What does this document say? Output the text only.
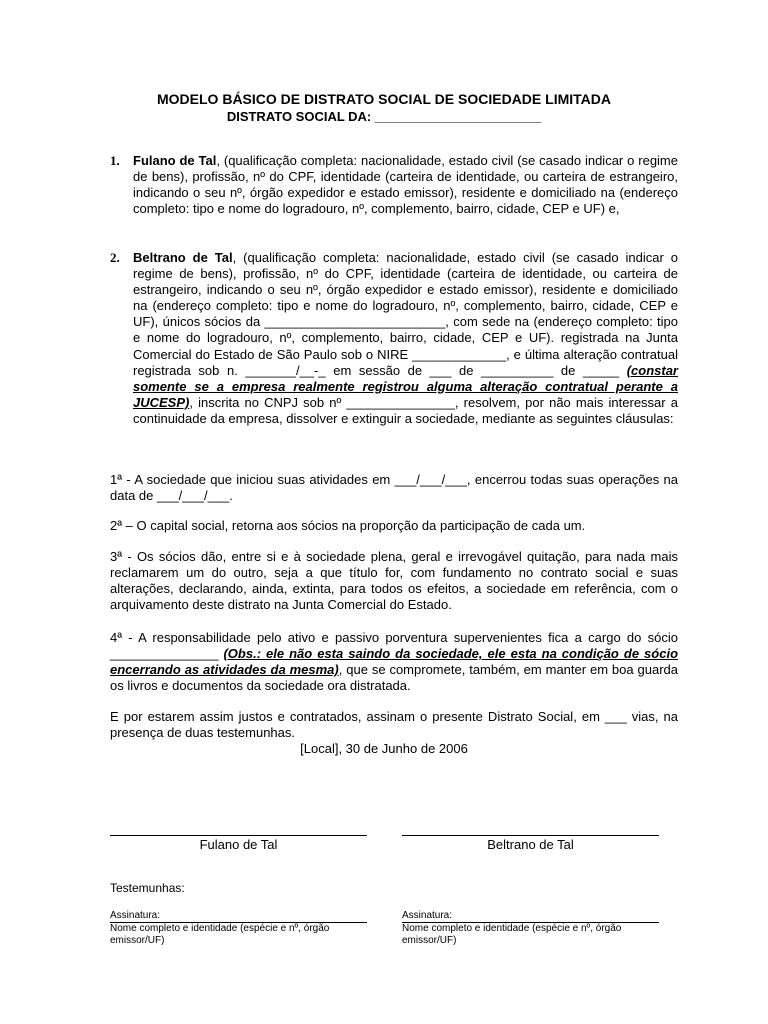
MODELO BÁSICO DE DISTRATO SOCIAL DE SOCIEDADE LIMITADA
DISTRATO SOCIAL DA: _______________________
1. Fulano de Tal, (qualificação completa: nacionalidade, estado civil (se casado indicar o regime de bens), profissão, nº do CPF, identidade (carteira de identidade, ou carteira de estrangeiro, indicando o seu nº, órgão expedidor e estado emissor), residente e domiciliado na (endereço completo: tipo e nome do logradouro, nº, complemento, bairro, cidade, CEP e UF) e,
2. Beltrano de Tal, (qualificação completa: nacionalidade, estado civil (se casado indicar o regime de bens), profissão, nº do CPF, identidade (carteira de identidade, ou carteira de estrangeiro, indicando o seu nº, órgão expedidor e estado emissor), residente e domiciliado na (endereço completo: tipo e nome do logradouro, nº, complemento, bairro, cidade, CEP e UF), únicos sócios da _________________________, com sede na (endereço completo: tipo e nome do logradouro, nº, complemento, bairro, cidade, CEP e UF). registrada na Junta Comercial do Estado de São Paulo sob o NIRE _____________, e última alteração contratual registrada sob n. _______/__-_ em sessão de ___ de __________ de _____ (constar somente se a empresa realmente registrou alguma alteração contratual perante a JUCESP), inscrita no CNPJ sob nº _______________, resolvem, por não mais interessar a continuidade da empresa, dissolver e extinguir a sociedade, mediante as seguintes cláusulas:
1ª - A sociedade que iniciou suas atividades em ___/___/___, encerrou todas suas operações na data de ___/___/___.
2ª – O capital social, retorna aos sócios na proporção da participação de cada um.
3ª - Os sócios dão, entre si e à sociedade plena, geral e irrevogável quitação, para nada mais reclamarem um do outro, seja a que título for, com fundamento no contrato social e suas alterações, declarando, ainda, extinta, para todos os efeitos, a sociedade em referência, com o arquivamento deste distrato na Junta Comercial do Estado.
4ª - A responsabilidade pelo ativo e passivo porventura supervenientes fica a cargo do sócio _______________ (Obs.: ele não esta saindo da sociedade, ele esta na condição de sócio encerrando as atividades da mesma), que se compromete, também, em manter em boa guarda os livros e documentos da sociedade ora distratada.
E por estarem assim justos e contratados, assinam o presente Distrato Social, em ___ vias, na presença de duas testemunhas.
[Local], 30 de Junho de 2006
Fulano de Tal	Beltrano de Tal
Testemunhas:
Assinatura:
Nome completo e identidade (espécie e nº, órgão emissor/UF)
Assinatura:
Nome completo e identidade (espécie e nº, órgão emissor/UF)
